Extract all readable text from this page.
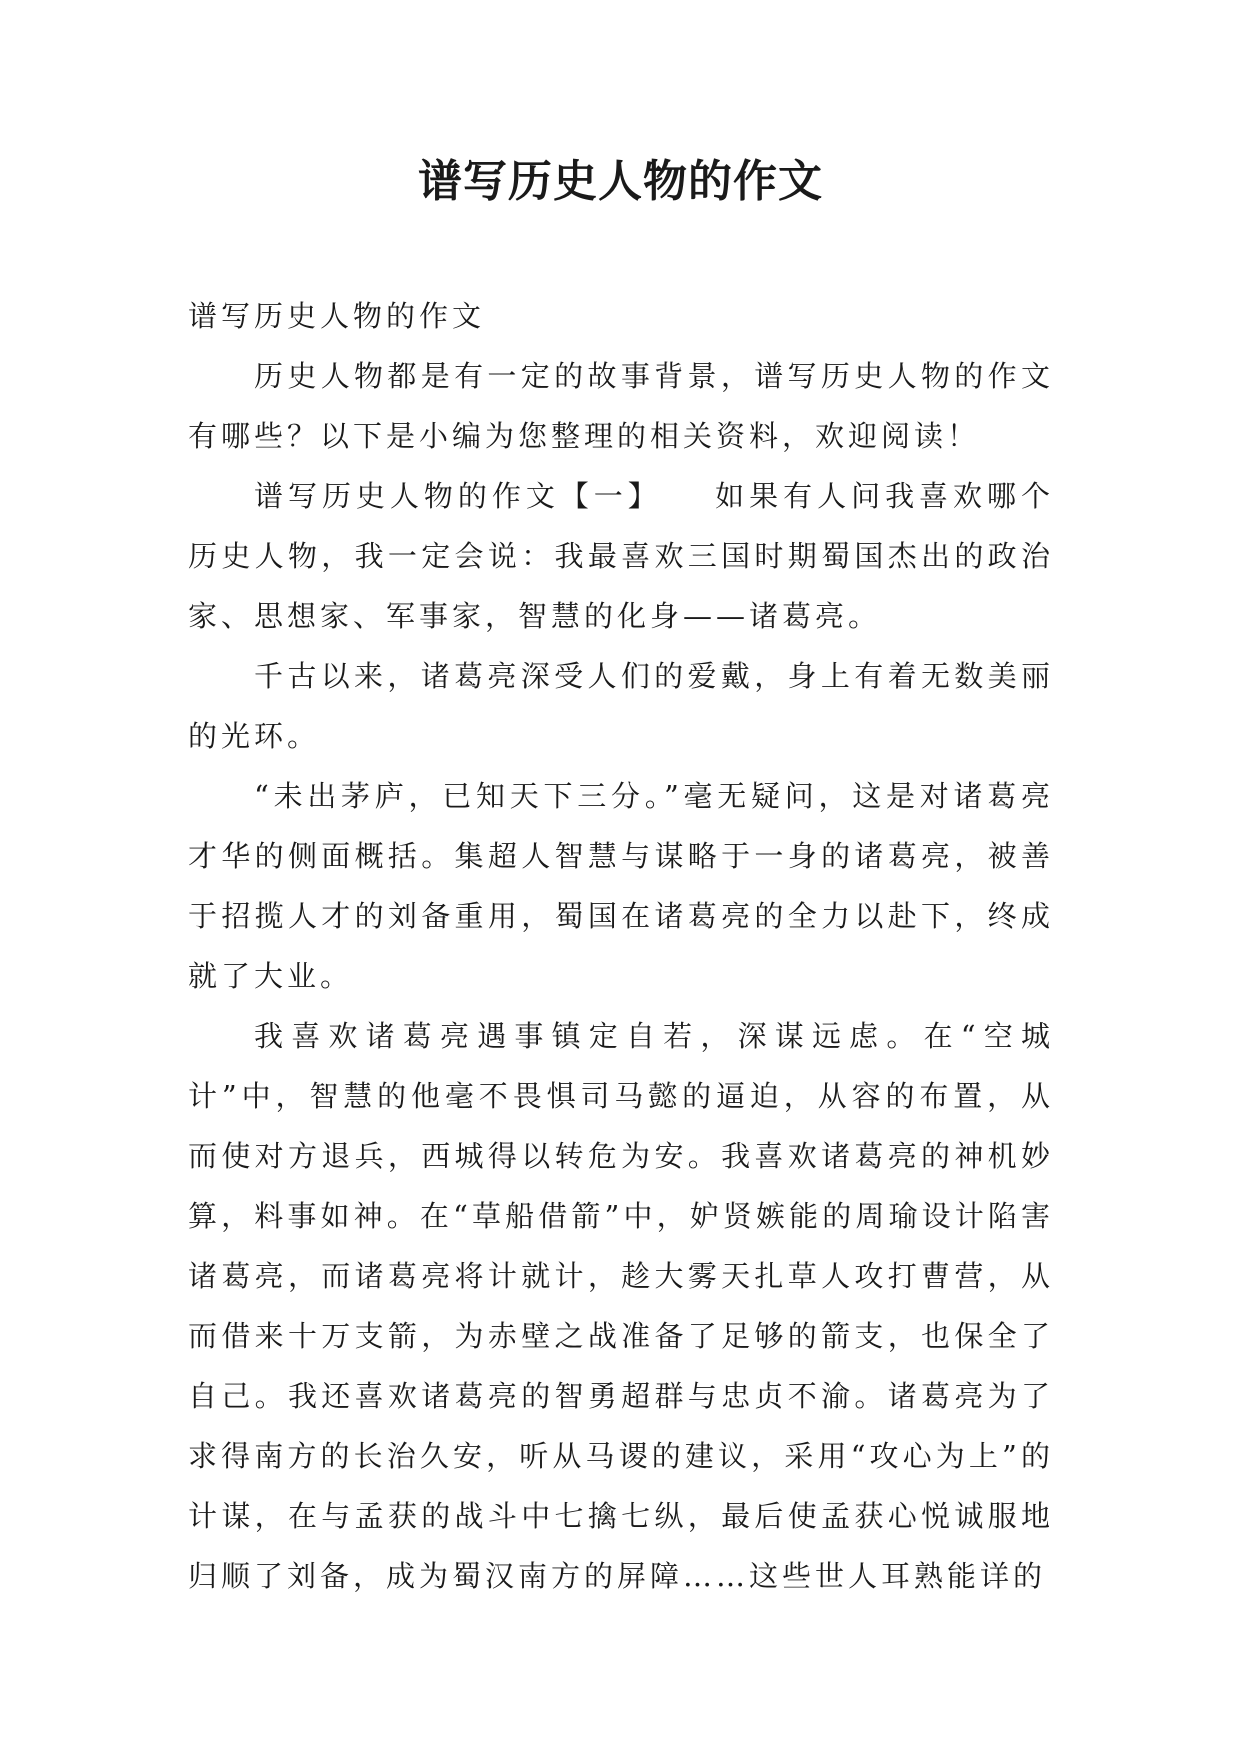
谱写历史人物的作文

谱写历史人物的作文

历史人物都是有一定的故事背景，谱写历史人物的作文有哪些？以下是小编为您整理的相关资料，欢迎阅读！

谱写历史人物的作文【一】　　如果有人问我喜欢哪个历史人物，我一定会说：我最喜欢三国时期蜀国杰出的政治家、思想家、军事家，智慧的化身——诸葛亮。

千古以来，诸葛亮深受人们的爱戴，身上有着无数美丽的光环。

“未出茅庐，已知天下三分。”毫无疑问，这是对诸葛亮才华的侧面概括。集超人智慧与谋略于一身的诸葛亮，被善于招揽人才的刘备重用，蜀国在诸葛亮的全力以赴下，终成就了大业。

我喜欢诸葛亮遇事镇定自若，深谋远虑。在“空城计”中，智慧的他毫不畏惧司马懿的逼迫，从容的布置，从而使对方退兵，西城得以转危为安。我喜欢诸葛亮的神机妙算，料事如神。在“草船借箭”中，妒贤嫉能的周瑜设计陷害诸葛亮，而诸葛亮将计就计，趁大雾天扎草人攻打曹营，从而借来十万支箭，为赤壁之战准备了足够的箭支，也保全了自己。我还喜欢诸葛亮的智勇超群与忠贞不渝。诸葛亮为了求得南方的长治久安，听从马谡的建议，采用“攻心为上”的计谋，在与孟获的战斗中七擒七纵，最后使孟获心悦诚服地归顺了刘备，成为蜀汉南方的屏障……这些世人耳熟能详的
